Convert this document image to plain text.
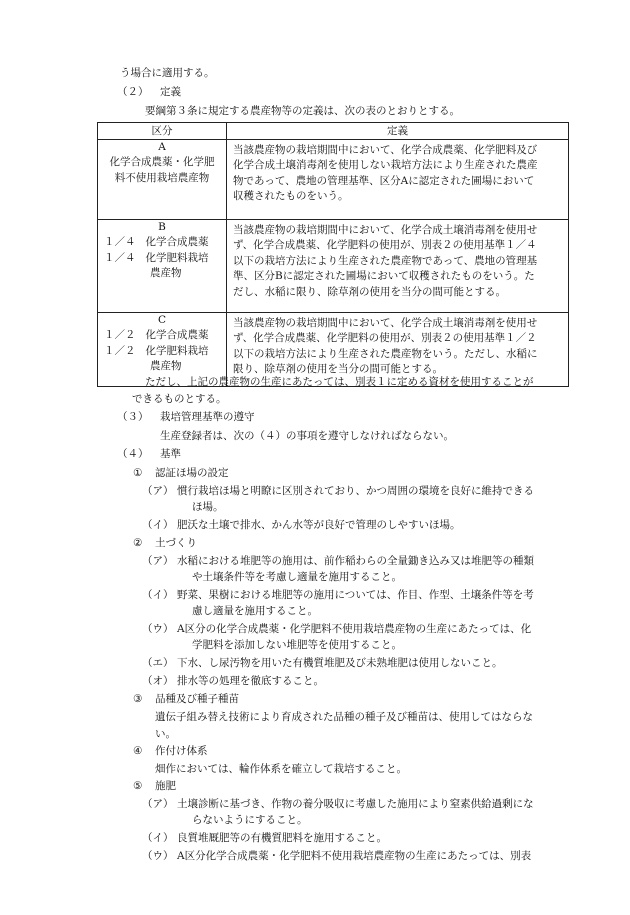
う場合に適用する。
（２） 定義
要綱第３条に規定する農産物等の定義は、次の表のとおりとする。
区分	定義

A
化学合成農薬・化学肥
料不使用栽培農産物	当該農産物の栽培期間中において、化学合成農薬、化学肥料及び
化学合成土壌消毒剤を使用しない栽培方法により生産された農産
物であって、農地の管理基準、区分Aに認定された圃場において
収穫されたものをいう。

B
１／４ 化学合成農薬
１／４ 化学肥料栽培
農産物	当該農産物の栽培期間中において、化学合成土壌消毒剤を使用せ
ず、化学合成農薬、化学肥料の使用が、別表２の使用基準１／４
以下の栽培方法により生産された農産物であって、農地の管理基
準、区分Bに認定された圃場において収穫されたものをいう。た
だし、水稲に限り、除草剤の使用を当分の間可能とする。

C
１／２ 化学合成農薬
１／２ 化学肥料栽培
農産物	当該農産物の栽培期間中において、化学合成土壌消毒剤を使用せ
ず、化学合成農薬、化学肥料の使用が、別表２の使用基準１／２
以下の栽培方法により生産された農産物をいう。ただし、水稲に
限り、除草剤の使用を当分の間可能とする。
ただし、上記の農産物の生産にあたっては、別表１に定める資材を使用することが
できるものとする。
（３） 栽培管理基準の遵守
生産登録者は、次の（４）の事項を遵守しなければならない。
（４） 基準
① 認証ほ場の設定
（ア） 慣行栽培ほ場と明瞭に区別されており、かつ周囲の環境を良好に維持できる
ほ場。
（イ） 肥沃な土壌で排水、かん水等が良好で管理のしやすいほ場。
② 土づくり
（ア） 水稲における堆肥等の施用は、前作稲わらの全量鋤き込み又は堆肥等の種類
や土壌条件等を考慮し適量を施用すること。
（イ） 野菜、果樹における堆肥等の施用については、作目、作型、土壌条件等を考
慮し適量を施用すること。
（ウ） A区分の化学合成農薬・化学肥料不使用栽培農産物の生産にあたっては、化
学肥料を添加しない堆肥等を使用すること。
（エ） 下水、し尿汚物を用いた有機質堆肥及び未熟堆肥は使用しないこと。
（オ） 排水等の処理を徹底すること。
③ 品種及び種子種苗
遺伝子組み替え技術により育成された品種の種子及び種苗は、使用してはならな
い。
④ 作付け体系
畑作においては、輪作体系を確立して栽培すること。
⑤ 施肥
（ア） 土壌診断に基づき、作物の養分吸収に考慮した施用により窒素供給過剰にな
らないようにすること。
（イ） 良質堆厩肥等の有機質肥料を施用すること。
（ウ） A区分化学合成農薬・化学肥料不使用栽培農産物の生産にあたっては、別表
